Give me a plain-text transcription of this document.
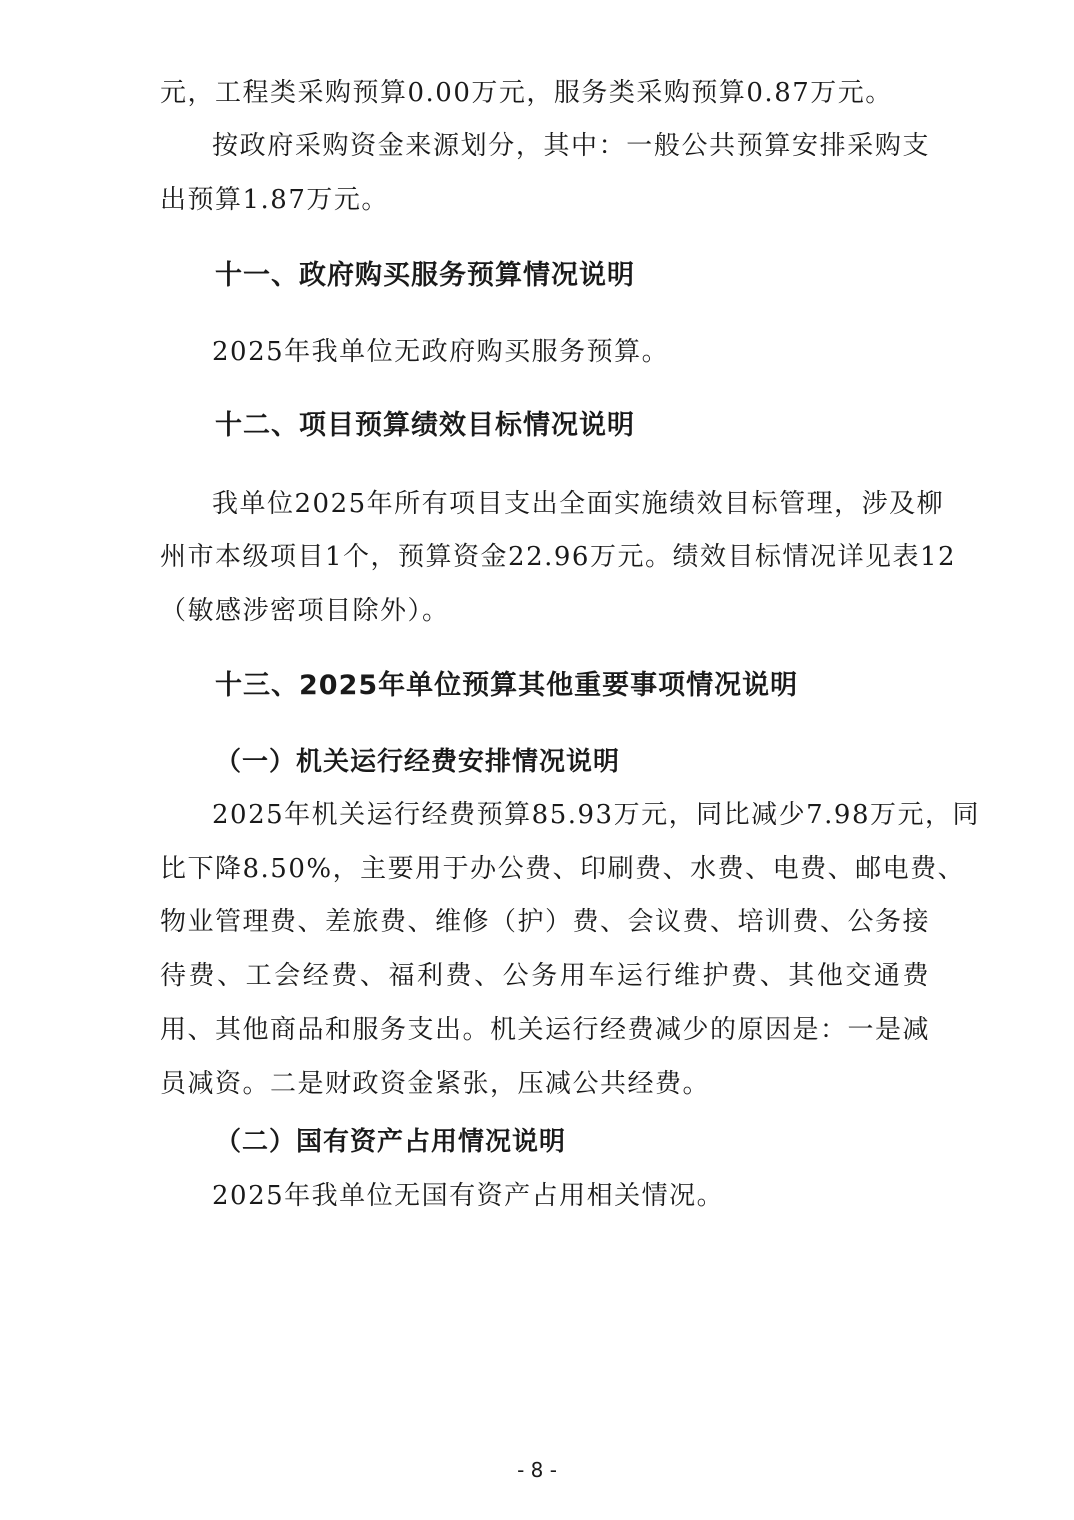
元，工程类采购预算0.00万元，服务类采购预算0.87万元。
按政府采购资金来源划分，其中：一般公共预算安排采购支
出预算1.87万元。
十一、政府购买服务预算情况说明
2025年我单位无政府购买服务预算。
十二、项目预算绩效目标情况说明
我单位2025年所有项目支出全面实施绩效目标管理，涉及柳
州市本级项目1个，预算资金22.96万元。绩效目标情况详见表12
（敏感涉密项目除外）。
十三、2025年单位预算其他重要事项情况说明
（一）机关运行经费安排情况说明
2025年机关运行经费预算85.93万元，同比减少7.98万元，同
比下降8.50%，主要用于办公费、印刷费、水费、电费、邮电费、
物业管理费、差旅费、维修（护）费、会议费、培训费、公务接
待费、工会经费、福利费、公务用车运行维护费、其他交通费
用、其他商品和服务支出。机关运行经费减少的原因是：一是减
员减资。二是财政资金紧张，压减公共经费。
（二）国有资产占用情况说明
2025年我单位无国有资产占用相关情况。
- 8 -
